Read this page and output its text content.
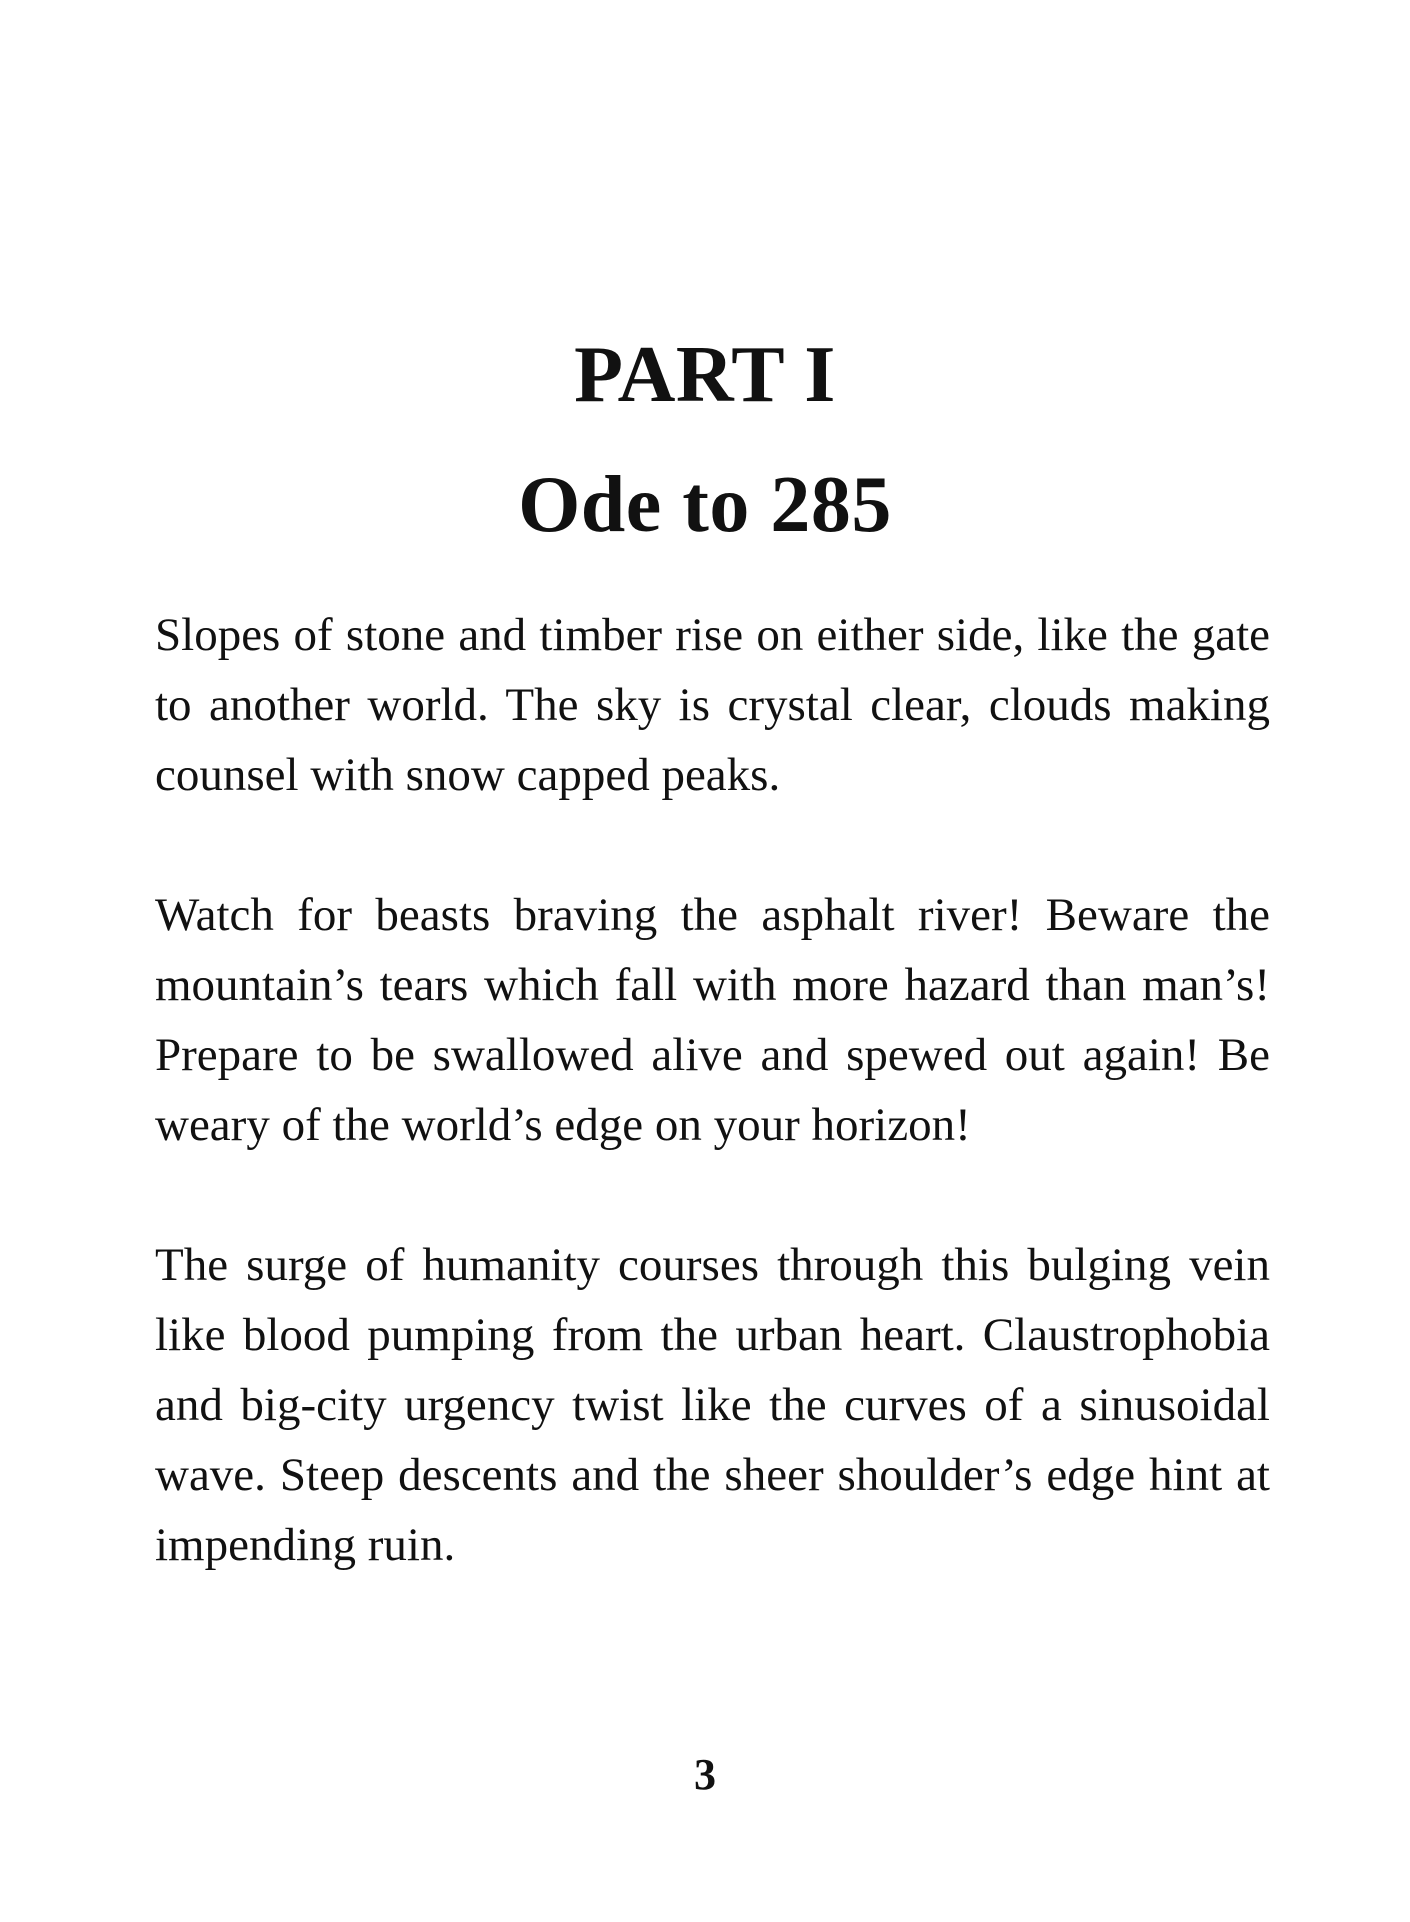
PART I
Ode to 285

Slopes of stone and timber rise on either side, like the gate to another world. The sky is crystal clear, clouds making counsel with snow capped peaks.

Watch for beasts braving the asphalt river! Beware the mountain’s tears which fall with more hazard than man’s! Prepare to be swallowed alive and spewed out again! Be weary of the world’s edge on your horizon!

The surge of humanity courses through this bulging vein like blood pumping from the urban heart. Claustrophobia and big-city urgency twist like the curves of a sinusoidal wave. Steep descents and the sheer shoulder’s edge hint at impending ruin.

3
